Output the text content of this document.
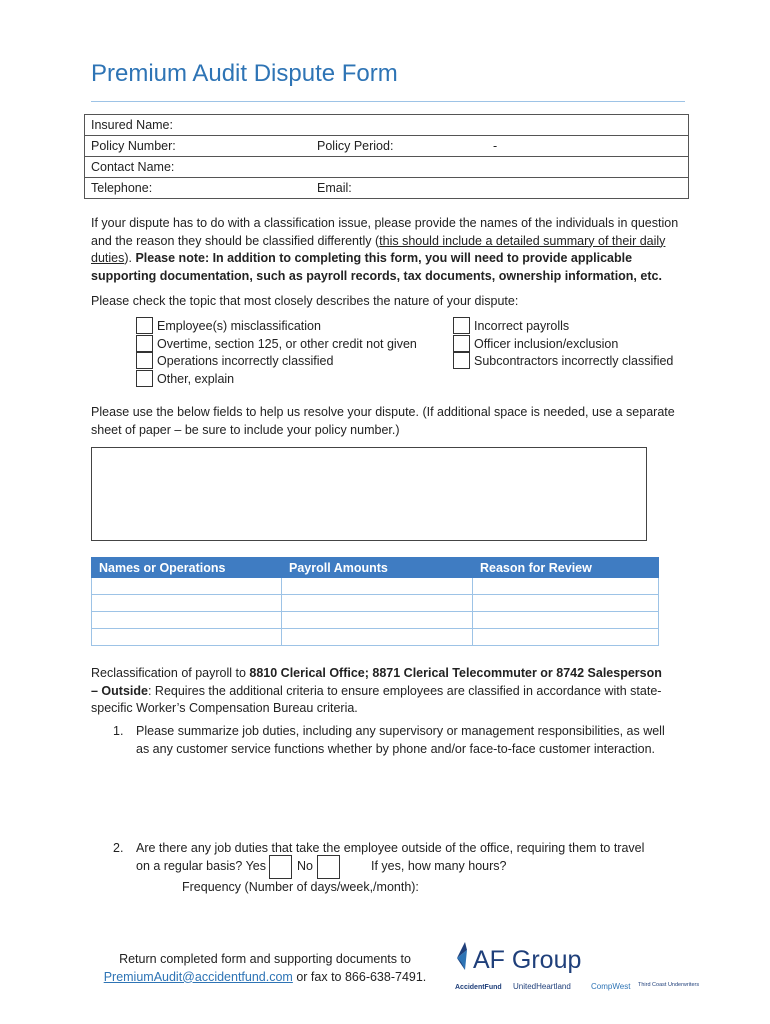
Premium Audit Dispute Form
Insured Name:
Policy Number:	Policy Period:	-
Contact Name:
Telephone:	Email:
If your dispute has to do with a classification issue, please provide the names of the individuals in question and the reason they should be classified differently (this should include a detailed summary of their daily duties). Please note: In addition to completing this form, you will need to provide applicable supporting documentation, such as payroll records, tax documents, ownership information, etc.
Please check the topic that most closely describes the nature of your dispute:
Employee(s) misclassification
Overtime, section 125, or other credit not given
Operations incorrectly classified
Other, explain
Incorrect payrolls
Officer inclusion/exclusion
Subcontractors incorrectly classified
Please use the below fields to help us resolve your dispute. (If additional space is needed, use a separate sheet of paper – be sure to include your policy number.)
Names or Operations	Payroll Amounts	Reason for Review

Reclassification of payroll to 8810 Clerical Office; 8871 Clerical Telecommuter or 8742 Salesperson – Outside: Requires the additional criteria to ensure employees are classified in accordance with state-specific Worker’s Compensation Bureau criteria.
1. Please summarize job duties, including any supervisory or management responsibilities, as well as any customer service functions whether by phone and/or face-to-face customer interaction.
2. Are there any job duties that take the employee outside of the office, requiring them to travel
on a regular basis? Yes No	If yes, how many hours?
Frequency (Number of days/week,/month):
Return completed form and supporting documents to
PremiumAudit@accidentfund.com or fax to 866-638-7491.
AF Group
AccidentFund UnitedHeartland	CompWest Third Coast Underwriters
